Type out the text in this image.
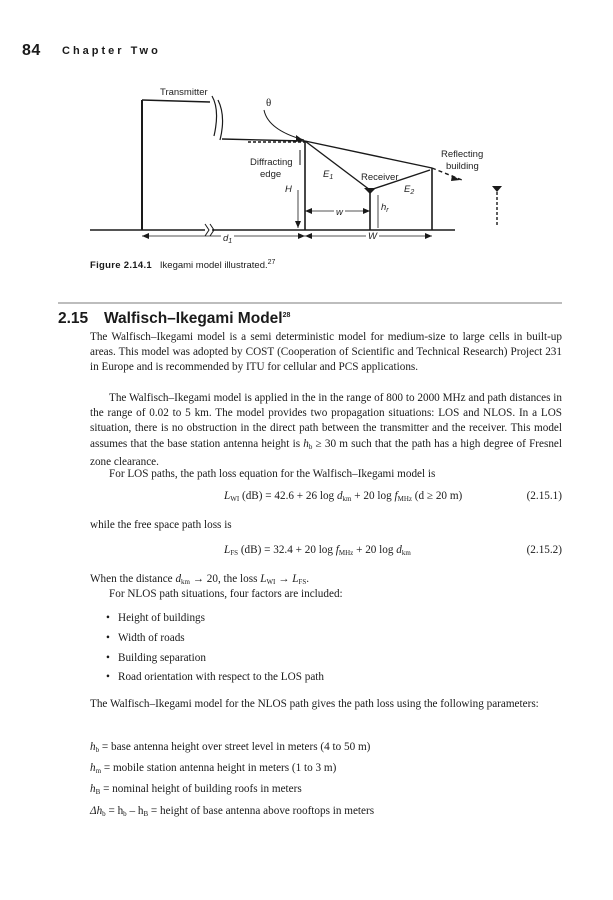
84 Chapter Two
Transmitter
θ
Diffracting
edge	$E_1$	Receiver
$E_2$
Reflecting
building
H
$h_r$
w
W
$d_1$
Figure 2.14.1 Ikegami model illustrated.$^{27}$
2.15 Walfisch–Ikegami Model$^{28}$

The Walfisch–Ikegami model is a semi deterministic model for medium-size to large cells in built-up areas. This model was adopted by COST (Cooperation of Scientific and Technical Research) Project 231 in Europe and is recommended by ITU for cellular and PCS applications.

The Walfisch–Ikegami model is applied in the in the range of 800 to 2000 MHz and path distances in the range of 0.02 to 5 km. The model provides two propagation situations: LOS and NLOS. In a LOS situation, there is no obstruction in the direct path between the transmitter and the receiver. This model assumes that the base station antenna height is $h_b \ge 30$ m such that the path has a high degree of Fresnel zone clearance.

For LOS paths, the path loss equation for the Walfisch–Ikegami model is

$L_{WI}$ (dB) = 42.6 + 26 $\log d_{km} + 20$ $\log f_{MHz}$ (d ≥ 20 m)	(2.15.1)

while the free space path loss is

$L_{FS}$ (dB) = 32.4 + 20 $\log f_{MHz} + 20$ $\log d_{km}$	(2.15.2)

When the distance $d_{km} \to 20$, the loss $L_{WI} \to L_{FS}$.

For NLOS path situations, four factors are included:

• Height of buildings
• Width of roads
• Building separation
• Road orientation with respect to the LOS path

The Walfisch–Ikegami model for the NLOS path gives the path loss using the following parameters:

$h_b$ = base antenna height over street level in meters (4 to 50 m)
$h_m$ = mobile station antenna height in meters (1 to 3 m)
$h_B$ = nominal height of building roofs in meters
$\Delta h_b = h_b - h_B$ = height of base antenna above rooftops in meters
